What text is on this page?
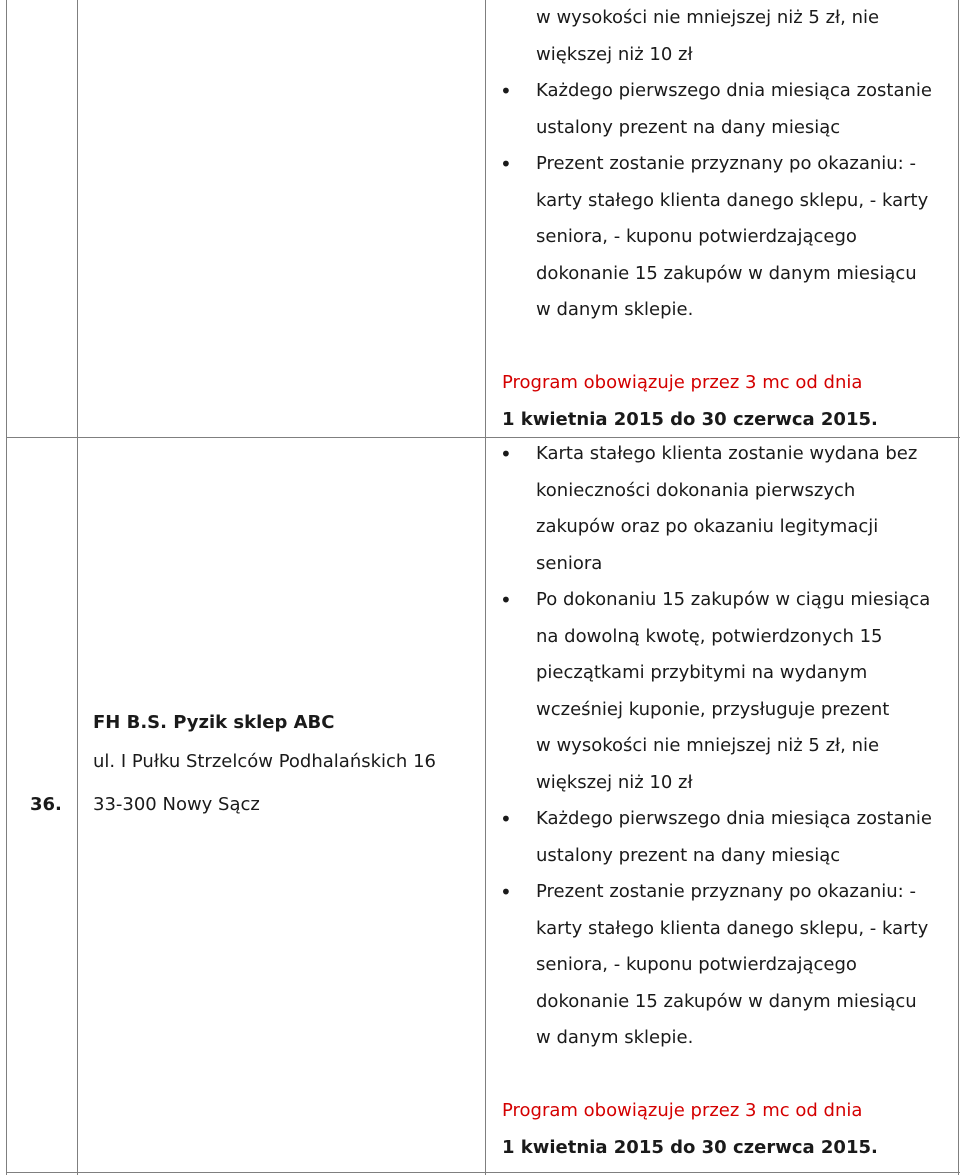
w wysokości nie mniejszej niż 5 zł, nie

większej niż 10 zł

• Każdego pierwszego dnia miesiąca zostanie

ustalony prezent na dany miesiąc

• Prezent zostanie przyznany po okazaniu: -

karty stałego klienta danego sklepu, - karty

seniora, - kuponu potwierdzającego

dokonanie 15 zakupów w danym miesiącu

w danym sklepie.

Program obowiązuje przez 3 mc od dnia

1 kwietnia 2015 do 30 czerwca 2015.

36.

FH B.S. Pyzik sklep ABC

ul. I Pułku Strzelców Podhalańskich 16

33-300 Nowy Sącz

• Karta stałego klienta zostanie wydana bez

konieczności dokonania pierwszych

zakupów oraz po okazaniu legitymacji

seniora

• Po dokonaniu 15 zakupów w ciągu miesiąca

na dowolną kwotę, potwierdzonych 15

pieczątkami przybitymi na wydanym

wcześniej kuponie, przysługuje prezent

w wysokości nie mniejszej niż 5 zł, nie

większej niż 10 zł

• Każdego pierwszego dnia miesiąca zostanie

ustalony prezent na dany miesiąc

• Prezent zostanie przyznany po okazaniu: -

karty stałego klienta danego sklepu, - karty

seniora, - kuponu potwierdzającego

dokonanie 15 zakupów w danym miesiącu

w danym sklepie.

Program obowiązuje przez 3 mc od dnia

1 kwietnia 2015 do 30 czerwca 2015.
